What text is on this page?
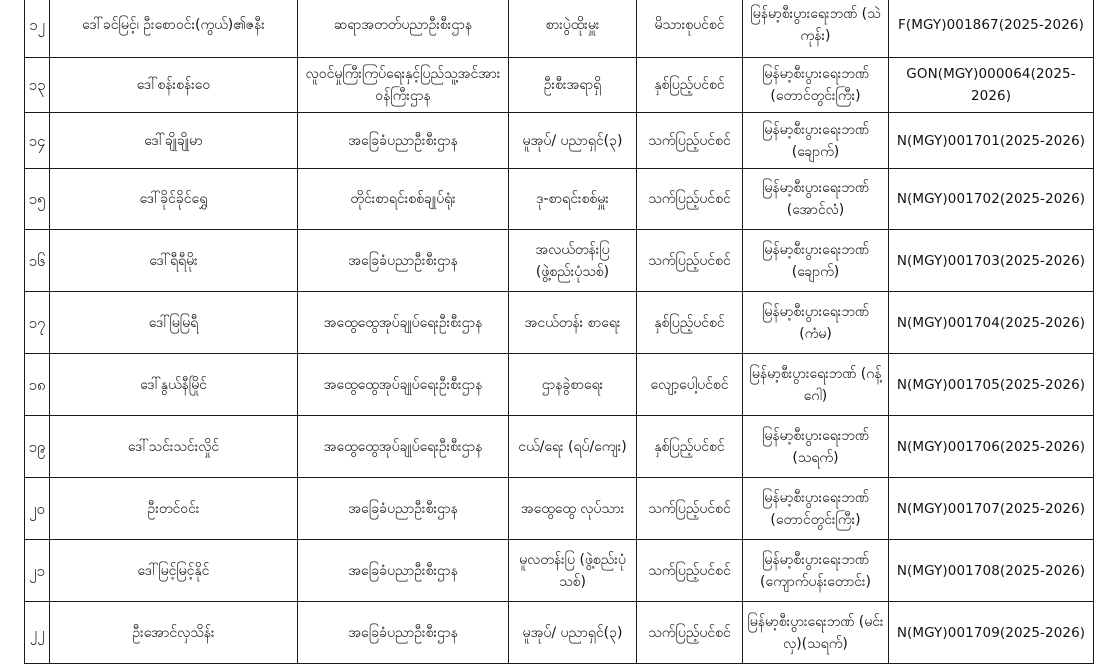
၁၂	ဒေါ်ခင်မြင့်၊ ဦးစောဝင်း(ကွယ်)၏ဇနီး	ဆရာအတတ်ပညာဦးစီးဌာန	စားပွဲထိုးမှူး	မိသားစုပင်စင်	မြန်မာ့စီးပွားရေးဘဏ် (သဲကုန်း)	F(MGY)001867(2025-2026)
၁၃	ဒေါ်စန်းစန်းဝေ	လူဝင်မှုကြီးကြပ်ရေးနှင့်ပြည်သူ့အင်အားဝန်ကြီးဌာန	ဦးစီးအရာရှိ	နှစ်ပြည့်ပင်စင်	မြန်မာ့စီးပွားရေးဘဏ် (တောင်တွင်းကြီး)	GON(MGY)000064(2025-2026)
၁၄	ဒေါ်ချိုချိုမာ	အခြေခံပညာဦးစီးဌာန	မူအုပ်/ ပညာရှင်(၃)	သက်ပြည့်ပင်စင်	မြန်မာ့စီးပွားရေးဘဏ် (ချောက်)	N(MGY)001701(2025-2026)
၁၅	ဒေါ်ခိုင်ခိုင်ရွှေ	တိုင်းစာရင်းစစ်ချုပ်ရုံး	ဒု-စာရင်းစစ်မှူး	သက်ပြည့်ပင်စင်	မြန်မာ့စီးပွားရေးဘဏ် (အောင်လံ)	N(MGY)001702(2025-2026)
၁၆	ဒေါ်ရီရီမိုး	အခြေခံပညာဦးစီးဌာန	အလယ်တန်းပြ (ဖွဲ့စည်းပုံသစ်)	သက်ပြည့်ပင်စင်	မြန်မာ့စီးပွားရေးဘဏ် (ချောက်)	N(MGY)001703(2025-2026)
၁၇	ဒေါ်မြမြရီ	အထွေထွေအုပ်ချုပ်ရေးဦးစီးဌာန	အငယ်တန်း စာရေး	နှစ်ပြည့်ပင်စင်	မြန်မာ့စီးပွားရေးဘဏ် (ကံမ)	N(MGY)001704(2025-2026)
၁၈	ဒေါ်နွယ်နီမြိုင်	အထွေထွေအုပ်ချုပ်ရေးဦးစီးဌာန	ဌာနခွဲစာရေး	လျော့ပေါ့ပင်စင်	မြန်မာ့စီးပွားရေးဘဏ် (ဂန့်ဂေါ)	N(MGY)001705(2025-2026)
၁၉	ဒေါ်သင်းသင်းလှိုင်	အထွေထွေအုပ်ချုပ်ရေးဦးစီးဌာန	ငယ်/ရေး (ရပ်/ကျေး)	နှစ်ပြည့်ပင်စင်	မြန်မာ့စီးပွားရေးဘဏ် (သရက်)	N(MGY)001706(2025-2026)
၂၀	ဦးတင်ဝင်း	အခြေခံပညာဦးစီးဌာန	အထွေထွေ လုပ်သား	သက်ပြည့်ပင်စင်	မြန်မာ့စီးပွားရေးဘဏ် (တောင်တွင်းကြီး)	N(MGY)001707(2025-2026)
၂၁	ဒေါ်မြင့်မြင့်နိုင်	အခြေခံပညာဦးစီးဌာန	မူလတန်းပြ (ဖွဲ့စည်းပုံသစ်)	သက်ပြည့်ပင်စင်	မြန်မာ့စီးပွားရေးဘဏ် (ကျောက်ပန်းတောင်း)	N(MGY)001708(2025-2026)
၂၂	ဦးအောင်လှသိန်း	အခြေခံပညာဦးစီးဌာန	မူအုပ်/ ပညာရှင်(၃)	သက်ပြည့်ပင်စင်	မြန်မာ့စီးပွားရေးဘဏ် (မင်းလှ)(သရက်)	N(MGY)001709(2025-2026)
